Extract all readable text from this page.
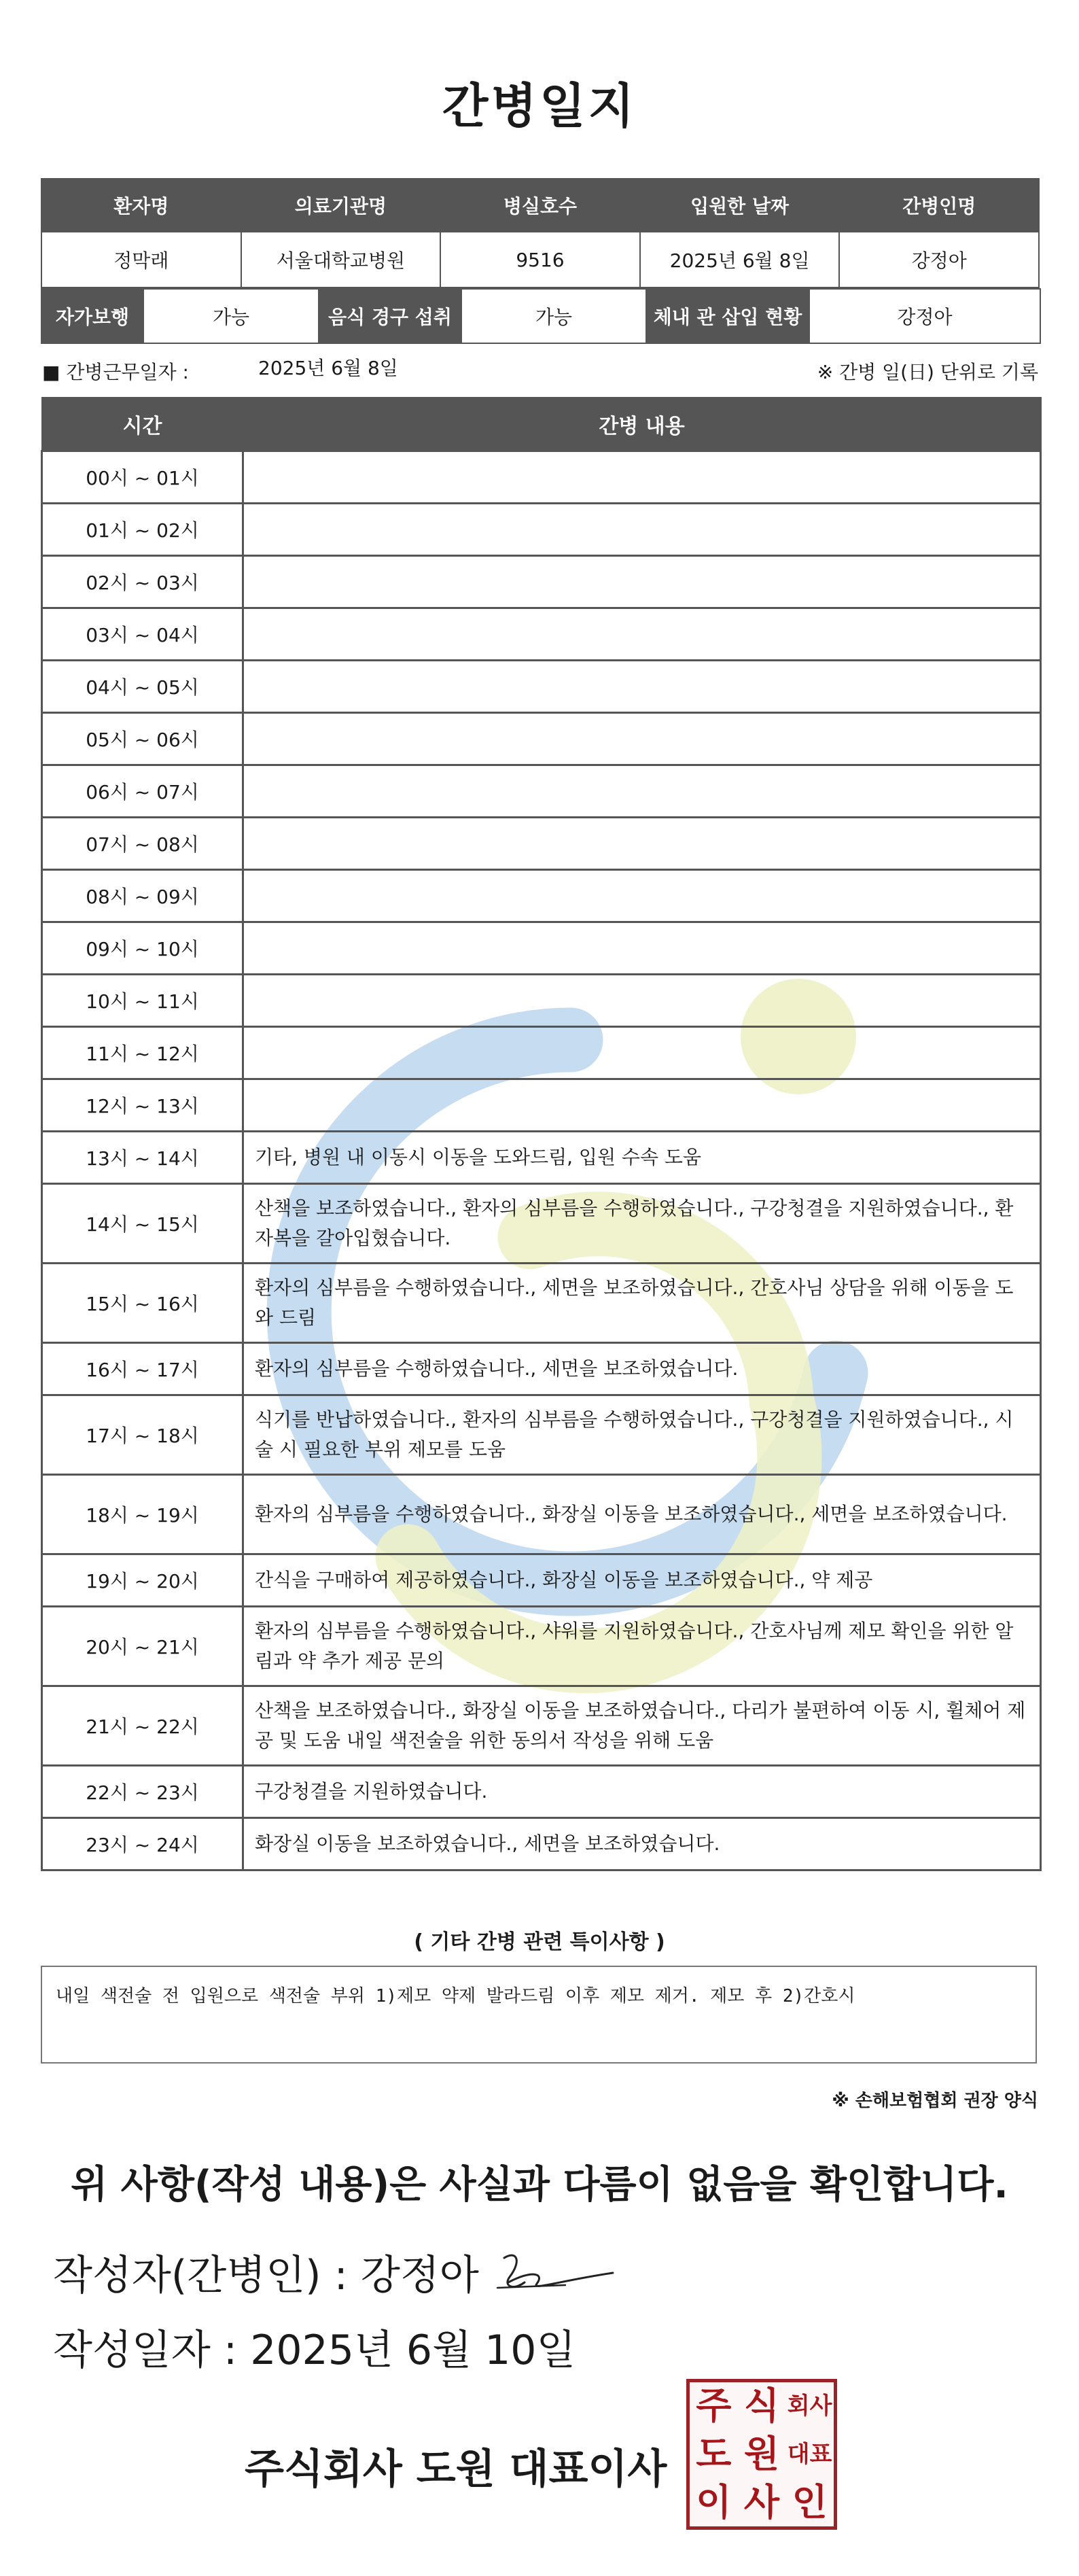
간병일지
환자명	의료기관명	병실호수	입원한 날짜	간병인명
정막래	서울대학교병원	9516	2025년 6월 8일	강정아
자가보행	가능	음식 경구 섭취	가능	체내 관 삽입 현황	강정아
■ 간병근무일자 :	2025년 6월 8일	※ 간병 일(日) 단위로 기록
시간	간병 내용
00시 ~ 01시	
01시 ~ 02시	
02시 ~ 03시	
03시 ~ 04시	
04시 ~ 05시	
05시 ~ 06시	
06시 ~ 07시	
07시 ~ 08시	
08시 ~ 09시	
09시 ~ 10시	
10시 ~ 11시	
11시 ~ 12시	
12시 ~ 13시	
13시 ~ 14시	기타, 병원 내 이동시 이동을 도와드림, 입원 수속 도움
14시 ~ 15시	산책을 보조하였습니다., 환자의 심부름을 수행하였습니다., 구강청결을 지원하였습니다., 환자복을 갈아입혔습니다.
15시 ~ 16시	환자의 심부름을 수행하였습니다., 세면을 보조하였습니다., 간호사님 상담을 위해 이동을 도와 드림
16시 ~ 17시	환자의 심부름을 수행하였습니다., 세면을 보조하였습니다.
17시 ~ 18시	식기를 반납하였습니다., 환자의 심부름을 수행하였습니다., 구강청결을 지원하였습니다., 시술 시 필요한 부위 제모를 도움
18시 ~ 19시	환자의 심부름을 수행하였습니다., 화장실 이동을 보조하였습니다., 세면을 보조하였습니다.
19시 ~ 20시	간식을 구매하여 제공하였습니다., 화장실 이동을 보조하였습니다., 약 제공
20시 ~ 21시	환자의 심부름을 수행하였습니다., 샤워를 지원하였습니다., 간호사님께 제모 확인을 위한 알림과 약 추가 제공 문의
21시 ~ 22시	산책을 보조하였습니다., 화장실 이동을 보조하였습니다., 다리가 불편하여 이동 시, 휠체어 제공 및 도움 내일 색전술을 위한 동의서 작성을 위해 도움
22시 ~ 23시	구강청결을 지원하였습니다.
23시 ~ 24시	화장실 이동을 보조하였습니다., 세면을 보조하였습니다.
( 기타 간병 관련 특이사항 )
내일 색전술 전 입원으로 색전술 부위 1)제모 약제 발라드림 이후 제모 제거. 제모 후 2)간호시
※ 손해보험협회 권장 양식
위 사항(작성 내용)은 사실과 다름이 없음을 확인합니다.
작성자(간병인) : 강정아
작성일자 : 2025년 6월 10일
주식회사 도원 대표이사
주 식 회사
도 원 대표
이 사 인
